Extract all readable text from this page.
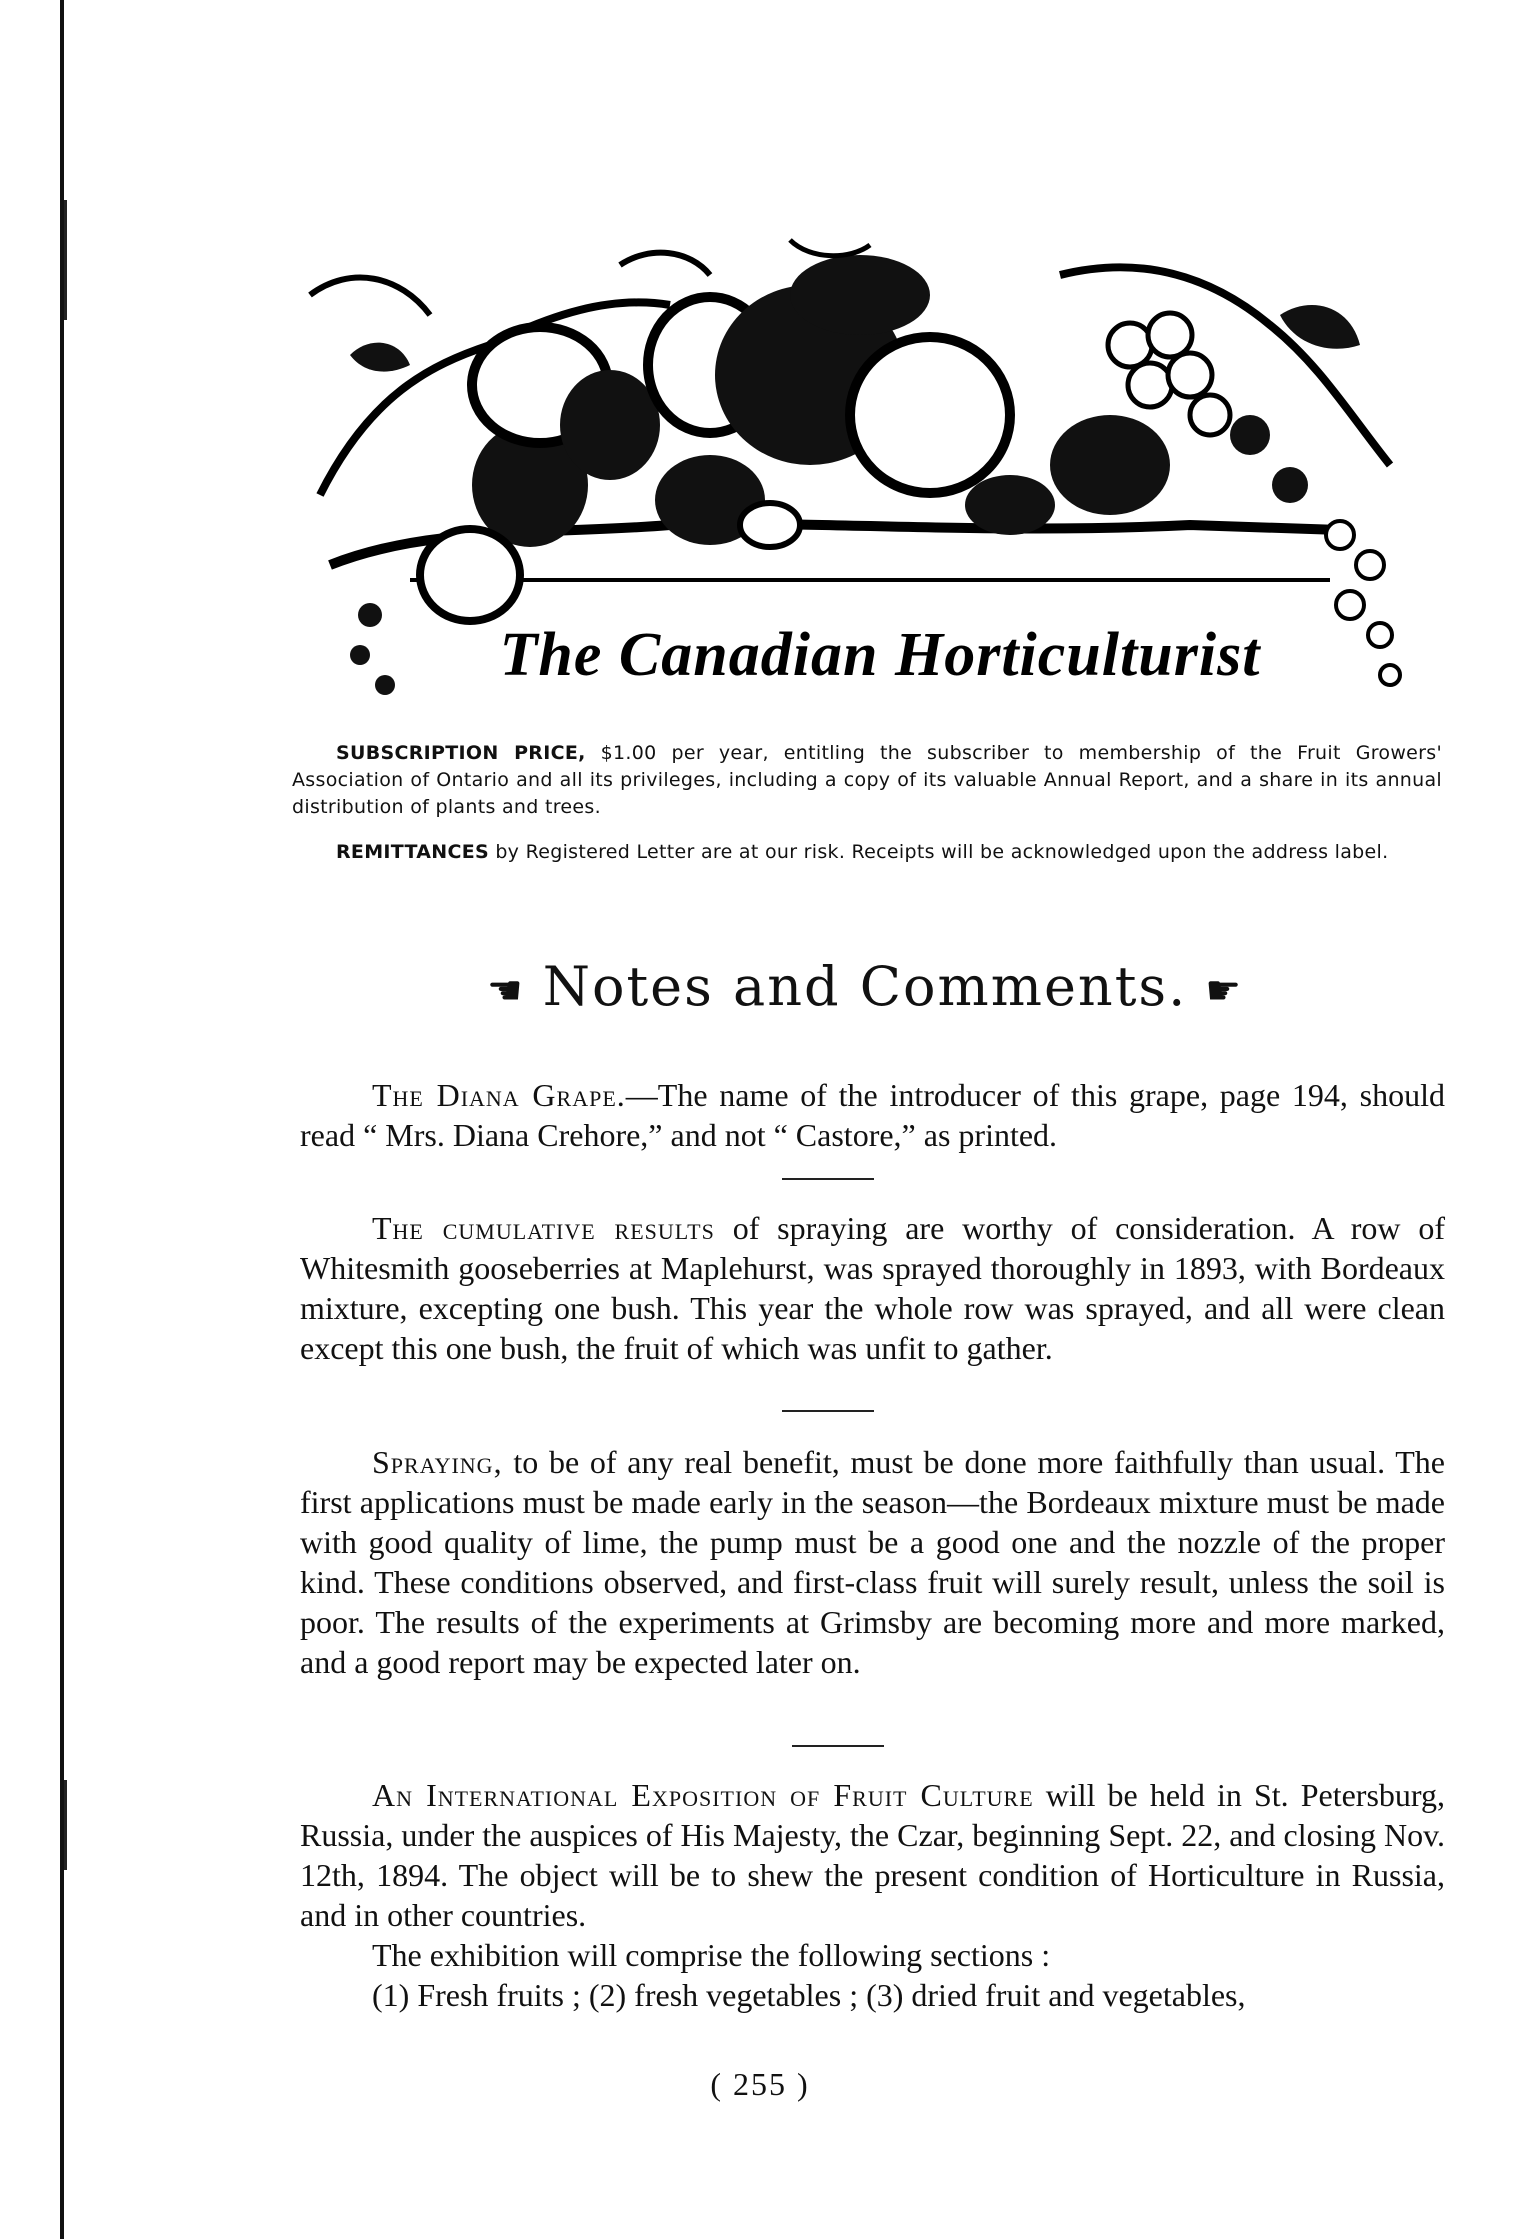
The Canadian Horticulturist

SUBSCRIPTION PRICE, $1.00 per year, entitling the subscriber to membership of the Fruit Growers' Association of Ontario and all its privileges, including a copy of its valuable Annual Report, and a share in its annual distribution of plants and trees.

REMITTANCES by Registered Letter are at our risk. Receipts will be acknowledged upon the address label.

☚ Notes and Comments. ☛

The Diana Grape.—The name of the introducer of this grape, page 194, should read “ Mrs. Diana Crehore,” and not “ Castore,” as printed.

The cumulative results of spraying are worthy of consideration. A row of Whitesmith gooseberries at Maplehurst, was sprayed thoroughly in 1893, with Bordeaux mixture, excepting one bush. This year the whole row was sprayed, and all were clean except this one bush, the fruit of which was unfit to gather.

Spraying, to be of any real benefit, must be done more faithfully than usual. The first applications must be made early in the season—the Bordeaux mixture must be made with good quality of lime, the pump must be a good one and the nozzle of the proper kind. These conditions observed, and first-class fruit will surely result, unless the soil is poor. The results of the experiments at Grimsby are becoming more and more marked, and a good report may be expected later on.

An International Exposition of Fruit Culture will be held in St. Petersburg, Russia, under the auspices of His Majesty, the Czar, beginning Sept. 22, and closing Nov. 12th, 1894. The object will be to shew the present condition of Horticulture in Russia, and in other countries.

The exhibition will comprise the following sections :

(1) Fresh fruits ; (2) fresh vegetables ; (3) dried fruit and vegetables,

( 255 )
